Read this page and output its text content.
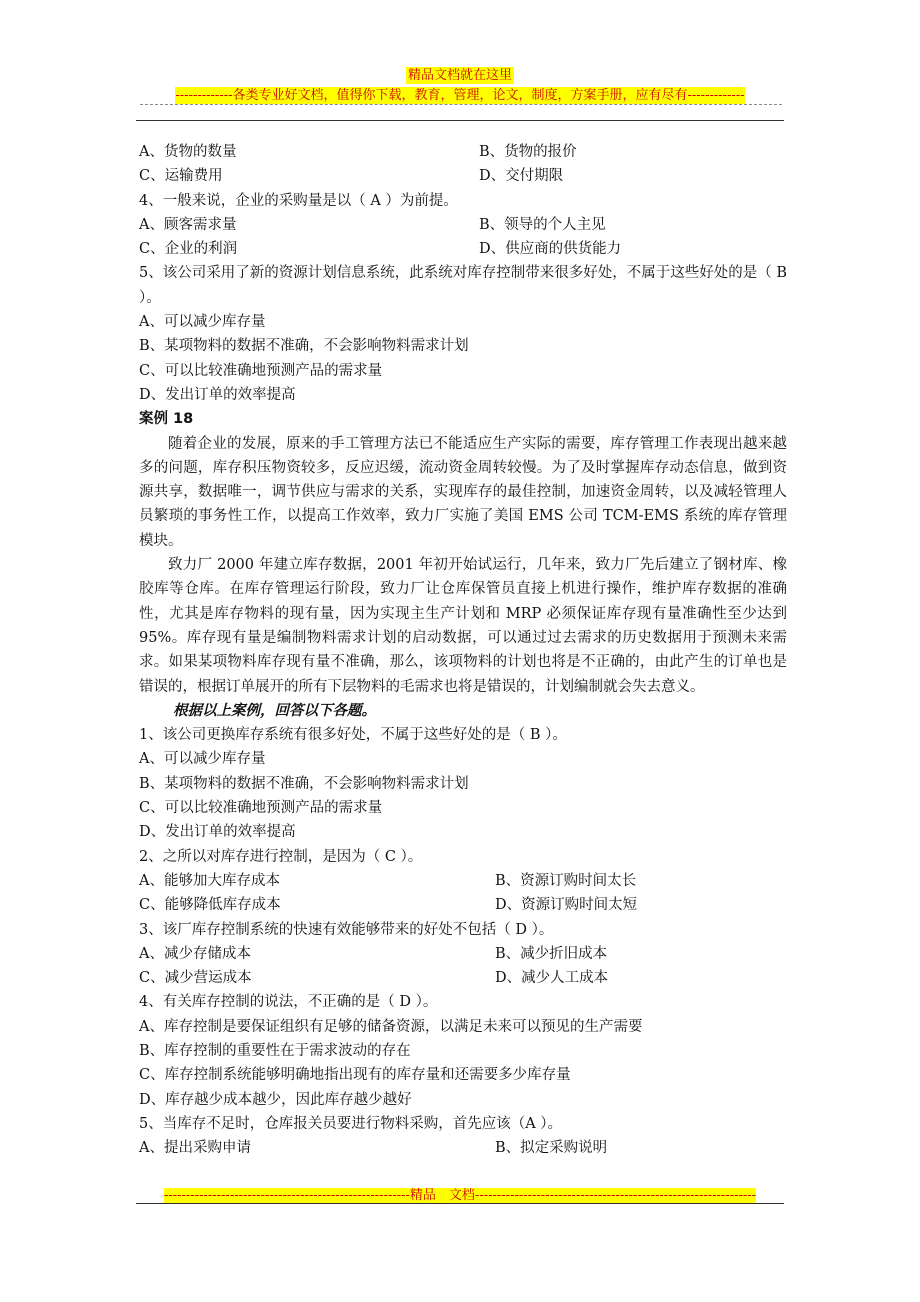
精品文档就在这里
-------------各类专业好文档，值得你下载，教育，管理，论文，制度，方案手册，应有尽有-------------
A、货物的数量	B、货物的报价
C、运输费用	D、交付期限
4、一般来说，企业的采购量是以（ A ）为前提。
A、顾客需求量	B、领导的个人主见
C、企业的利润	D、供应商的供货能力
5、该公司采用了新的资源计划信息系统，此系统对库存控制带来很多好处，不属于这些好处的是（ B ）。
A、可以减少库存量
B、某项物料的数据不准确，不会影响物料需求计划
C、可以比较准确地预测产品的需求量
D、发出订单的效率提高
案例 18
随着企业的发展，原来的手工管理方法已不能适应生产实际的需要，库存管理工作表现出越来越多的问题，库存积压物资较多，反应迟缓，流动资金周转较慢。为了及时掌握库存动态信息，做到资源共享，数据唯一，调节供应与需求的关系，实现库存的最佳控制，加速资金周转，以及减轻管理人员繁琐的事务性工作，以提高工作效率，致力厂实施了美国 EMS 公司 TCM-EMS 系统的库存管理模块。
致力厂 2000 年建立库存数据，2001 年初开始试运行，几年来，致力厂先后建立了钢材库、橡胶库等仓库。在库存管理运行阶段，致力厂让仓库保管员直接上机进行操作，维护库存数据的准确性，尤其是库存物料的现有量，因为实现主生产计划和 MRP 必须保证库存现有量准确性至少达到 95%。库存现有量是编制物料需求计划的启动数据，可以通过过去需求的历史数据用于预测未来需求。如果某项物料库存现有量不准确，那么，该项物料的计划也将是不正确的，由此产生的订单也是错误的，根据订单展开的所有下层物料的毛需求也将是错误的，计划编制就会失去意义。
根据以上案例，回答以下各题。
1、该公司更换库存系统有很多好处，不属于这些好处的是（ B ）。
A、可以减少库存量
B、某项物料的数据不准确，不会影响物料需求计划
C、可以比较准确地预测产品的需求量
D、发出订单的效率提高
2、之所以对库存进行控制，是因为（ C ）。
A、能够加大库存成本	B、资源订购时间太长
C、能够降低库存成本	D、资源订购时间太短
3、该厂库存控制系统的快速有效能够带来的好处不包括（ D ）。
A、减少存储成本	B、减少折旧成本
C、减少营运成本	D、减少人工成本
4、有关库存控制的说法，不正确的是（ D ）。
A、库存控制是要保证组织有足够的储备资源，以满足未来可以预见的生产需要
B、库存控制的重要性在于需求波动的存在
C、库存控制系统能够明确地指出现有的库存量和还需要多少库存量
D、库存越少成本越少，因此库存越少越好
5、当库存不足时，仓库报关员要进行物料采购，首先应该（A ）。
A、提出采购申请	B、拟定采购说明
--------------------------------------------------------精品　文档----------------------------------------------------------------
